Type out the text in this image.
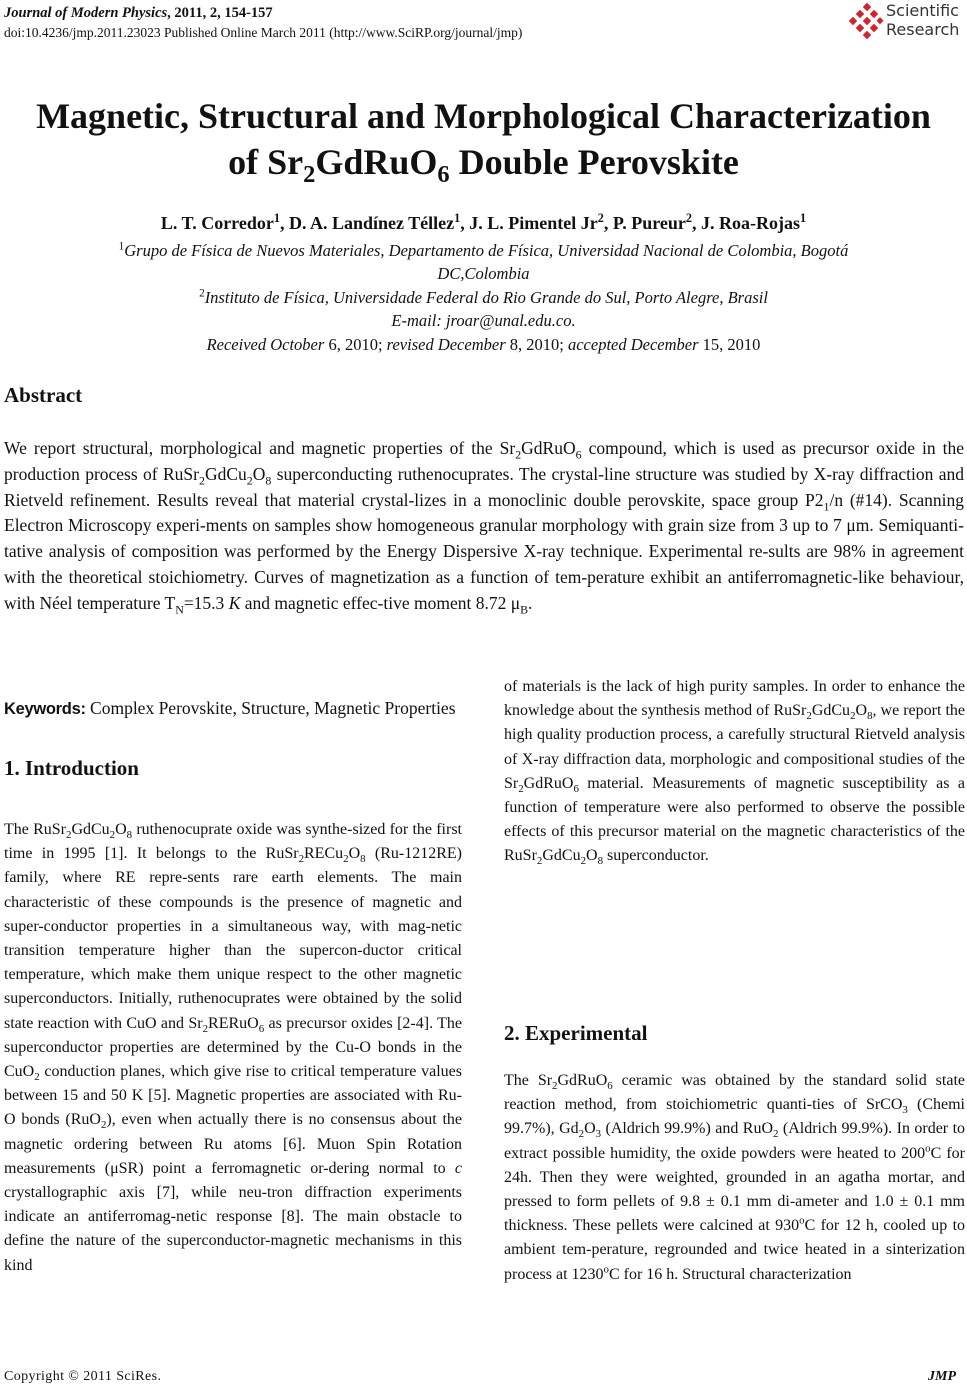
Journal of Modern Physics, 2011, 2, 154-157
doi:10.4236/jmp.2011.23023 Published Online March 2011 (http://www.SciRP.org/journal/jmp)
Scientific
Research
Magnetic, Structural and Morphological Characterization
of $Sr_2GdRuO_6$ Double Perovskite
L. T. Corredor$^1$, D. A. Landínez Téllez$^1$, J. L. Pimentel Jr$^2$, P. Pureur$^2$, J. Roa-Rojas$^1$
$^1$Grupo de Física de Nuevos Materiales, Departamento de Física, Universidad Nacional de Colombia, Bogotá
DC,Colombia
$^2$Instituto de Física, Universidade Federal do Rio Grande do Sul, Porto Alegre, Brasil
E-mail: jroar@unal.edu.co.
Received October 6, 2010; revised December 8, 2010; accepted December 15, 2010
Abstract
We report structural, morphological and magnetic properties of the $Sr_2GdRuO_6$ compound, which is used as precursor oxide in the production process of $RuSr_2GdCu_2O_8$ superconducting ruthenocuprates. The crystal-line structure was studied by X-ray diffraction and Rietveld refinement. Results reveal that material crystal-lizes in a monoclinic double perovskite, space group $P2_1/n$ (#14). Scanning Electron Microscopy experi-ments on samples show homogeneous granular morphology with grain size from 3 up to 7 μm. Semiquanti-tative analysis of composition was performed by the Energy Dispersive X-ray technique. Experimental re-sults are 98% in agreement with the theoretical stoichiometry. Curves of magnetization as a function of tem-perature exhibit an antiferromagnetic-like behaviour, with Néel temperature $T_N=15.3$ K and magnetic effec-tive moment 8.72 $\mu_B$.
Keywords: Complex Perovskite, Structure, Magnetic Properties
1. Introduction

The $RuSr_2GdCu_2O_8$ ruthenocuprate oxide was synthe-sized for the first time in 1995 [1]. It belongs to the $RuSr_2RECu_2O_8$ (Ru-1212RE) family, where RE repre-sents rare earth elements. The main characteristic of these compounds is the presence of magnetic and super-conductor properties in a simultaneous way, with mag-netic transition temperature higher than the supercon-ductor critical temperature, which make them unique respect to the other magnetic superconductors. Initially, ruthenocuprates were obtained by the solid state reaction with CuO and $Sr_2RERuO_6$ as precursor oxides [2-4]. The superconductor properties are determined by the Cu-O bonds in the CuO$_2$ conduction planes, which give rise to critical temperature values between 15 and 50 K [5]. Magnetic properties are associated with Ru-O bonds (RuO$_2$), even when actually there is no consensus about the magnetic ordering between Ru atoms [6]. Muon Spin Rotation measurements (μSR) point a ferromagnetic or-dering normal to c crystallographic axis [7], while neu-tron diffraction experiments indicate an antiferromag-netic response [8]. The main obstacle to define the nature of the superconductor-magnetic mechanisms in this kind

of materials is the lack of high purity samples. In order to enhance the knowledge about the synthesis method of $RuSr_2GdCu_2O_8$, we report the high quality production process, a carefully structural Rietveld analysis of X-ray diffraction data, morphologic and compositional studies of the $Sr_2GdRuO_6$ material. Measurements of magnetic susceptibility as a function of temperature were also performed to observe the possible effects of this precursor material on the magnetic characteristics of the $RuSr_2GdCu_2O_8$ superconductor.

2. Experimental

The $Sr_2GdRuO_6$ ceramic was obtained by the standard solid state reaction method, from stoichiometric quanti-ties of SrCO$_3$ (Chemi 99.7%), $Gd_2O_3$ (Aldrich 99.9%) and RuO$_2$ (Aldrich 99.9%). In order to extract possible humidity, the oxide powders were heated to 200$^o$C for 24h. Then they were weighted, grounded in an agatha mortar, and pressed to form pellets of 9.8 ± 0.1 mm di-ameter and 1.0 ± 0.1 mm thickness. These pellets were calcined at 930$^o$C for 12 h, cooled up to ambient tem-perature, regrounded and twice heated in a sinterization process at 1230$^o$C for 16 h. Structural characterization

Copyright © 2011 SciRes.	JMP
